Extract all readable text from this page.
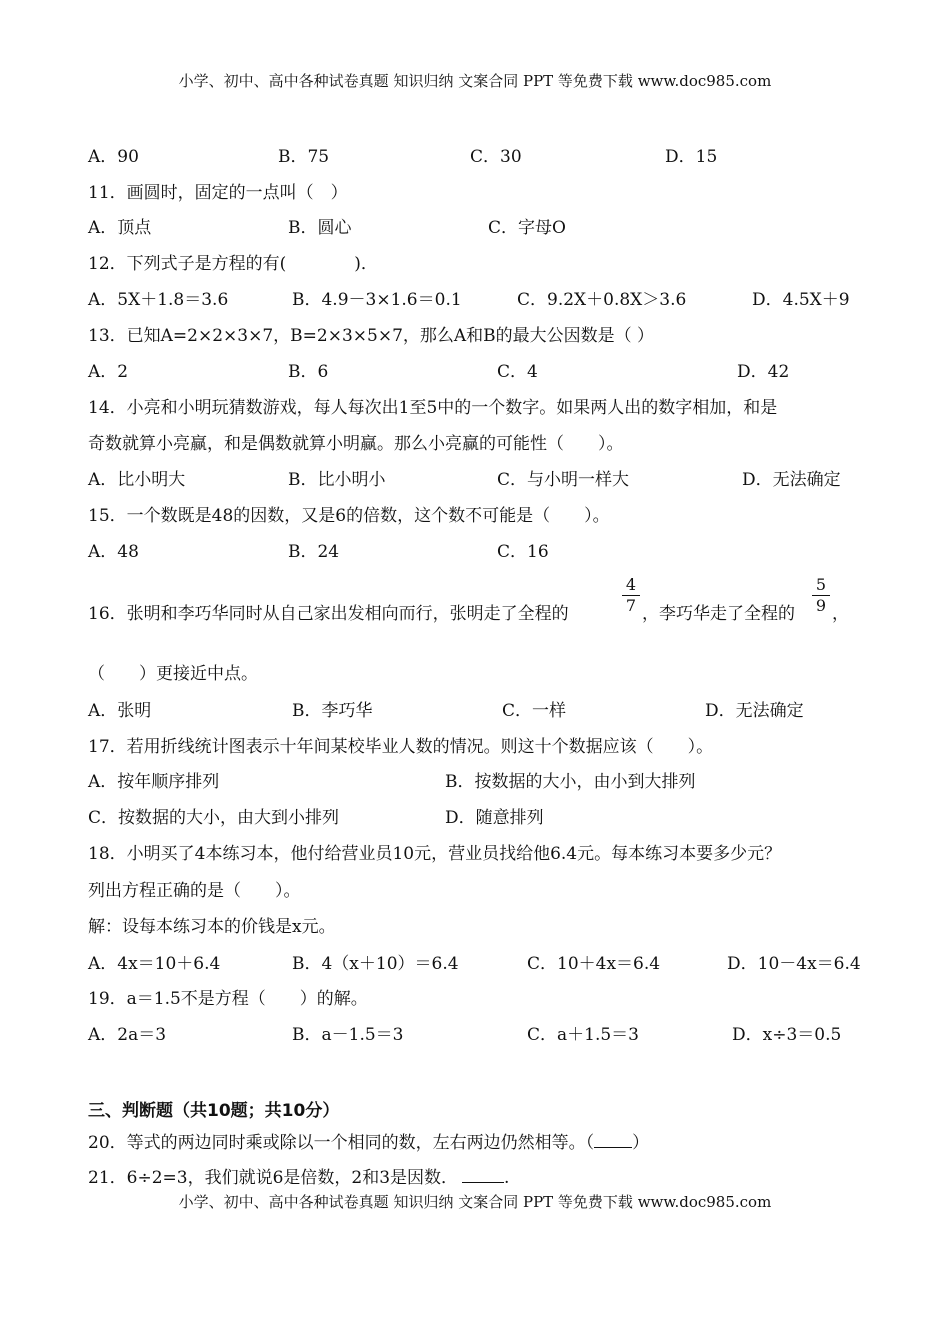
小学、初中、高中各种试卷真题 知识归纳 文案合同 PPT 等免费下载 www.doc985.com
A．90	B．75	C．30	D．15
11．画圆时，固定的一点叫（　）
A．顶点	B．圆心	C．字母O
12．下列式子是方程的有(　　　　)．
A．5X＋1.8＝3.6	B．4.9－3×1.6＝0.1	C．9.2X＋0.8X＞3.6	D．4.5X＋9
13．已知A=2×2×3×7，B=2×3×5×7，那么A和B的最大公因数是（ ）
A．2	B．6	C．4	D．42
14．小亮和小明玩猜数游戏，每人每次出1至5中的一个数字。如果两人出的数字相加，和是
奇数就算小亮赢，和是偶数就算小明赢。那么小亮赢的可能性（　　）。
A．比小明大	B．比小明小	C．与小明一样大	D．无法确定
15．一个数既是48的因数，又是6的倍数，这个数不可能是（　　）。
A．48	B．24	C．16
16．张明和李巧华同时从自己家出发相向而行，张明走了全程的
4
7 ，李巧华走了全程的
5
9 ，
（　　）更接近中点。
A．张明	B．李巧华	C．一样	D．无法确定
17．若用折线统计图表示十年间某校毕业人数的情况。则这十个数据应该（　　）。
A．按年顺序排列	B．按数据的大小，由小到大排列
C．按数据的大小，由大到小排列	D．随意排列
18．小明买了4本练习本，他付给营业员10元，营业员找给他6.4元。每本练习本要多少元？
列出方程正确的是（　　）。
解：设每本练习本的价钱是x元。
A．4x＝10＋6.4	B．4（x＋10）＝6.4	C．10＋4x＝6.4	D．10－4x＝6.4
19．a＝1.5不是方程（　　）的解。
A．2a＝3	B．a－1.5＝3	C．a＋1.5＝3	D．x÷3＝0.5
三、判断题（共10题；共10分）
20．等式的两边同时乘或除以一个相同的数，左右两边仍然相等。（ ）
21．6÷2=3，我们就说6是倍数，2和3是因数．	.
小学、初中、高中各种试卷真题 知识归纳 文案合同 PPT 等免费下载 www.doc985.com
